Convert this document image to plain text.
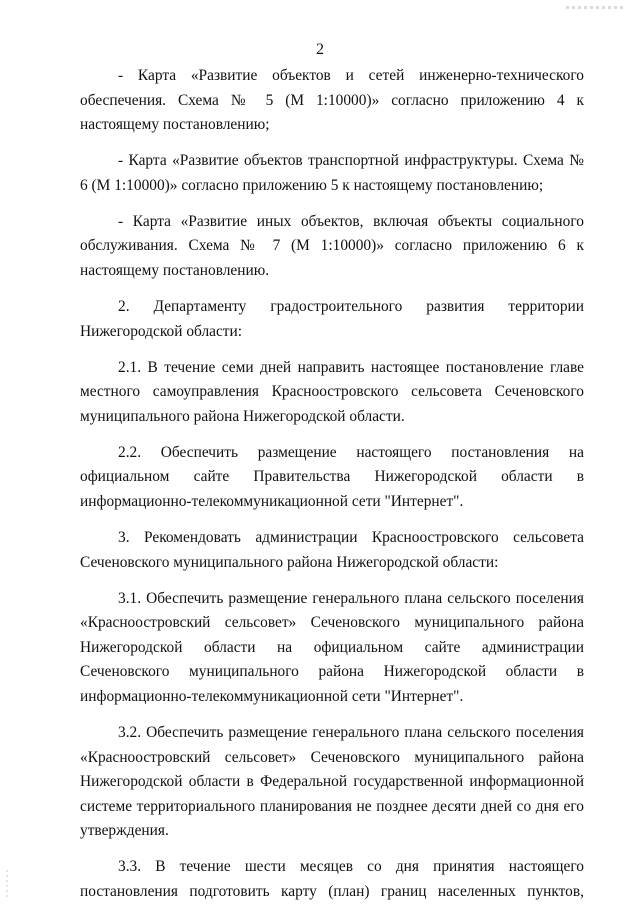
2

- Карта «Развитие объектов и сетей инженерно-технического обеспечения. Схема № 5 (М 1:10000)» согласно приложению 4 к настоящему постановлению;

- Карта «Развитие объектов транспортной инфраструктуры. Схема № 6 (М 1:10000)» согласно приложению 5 к настоящему постановлению;

- Карта «Развитие иных объектов, включая объекты социального обслуживания. Схема № 7 (М 1:10000)» согласно приложению 6 к настоящему постановлению.

2. Департаменту градостроительного развития территории Нижегородской области:

2.1. В течение семи дней направить настоящее постановление главе местного самоуправления Красноостровского сельсовета Сеченовского муниципального района Нижегородской области.

2.2. Обеспечить размещение настоящего постановления на официальном сайте Правительства Нижегородской области в информационно-телекоммуникационной сети "Интернет".

3. Рекомендовать администрации Красноостровского сельсовета Сеченовского муниципального района Нижегородской области:

3.1. Обеспечить размещение генерального плана сельского поселения «Красноостровский сельсовет» Сеченовского муниципального района Нижегородской области на официальном сайте администрации Сеченовского муниципального района Нижегородской области в информационно-телекоммуникационной сети "Интернет".

3.2. Обеспечить размещение генерального плана сельского поселения «Красноостровский сельсовет» Сеченовского муниципального района Нижегородской области в Федеральной государственной информационной системе территориального планирования не позднее десяти дней со дня его утверждения.

3.3. В течение шести месяцев со дня принятия настоящего постановления подготовить карту (план) границ населенных пунктов,
